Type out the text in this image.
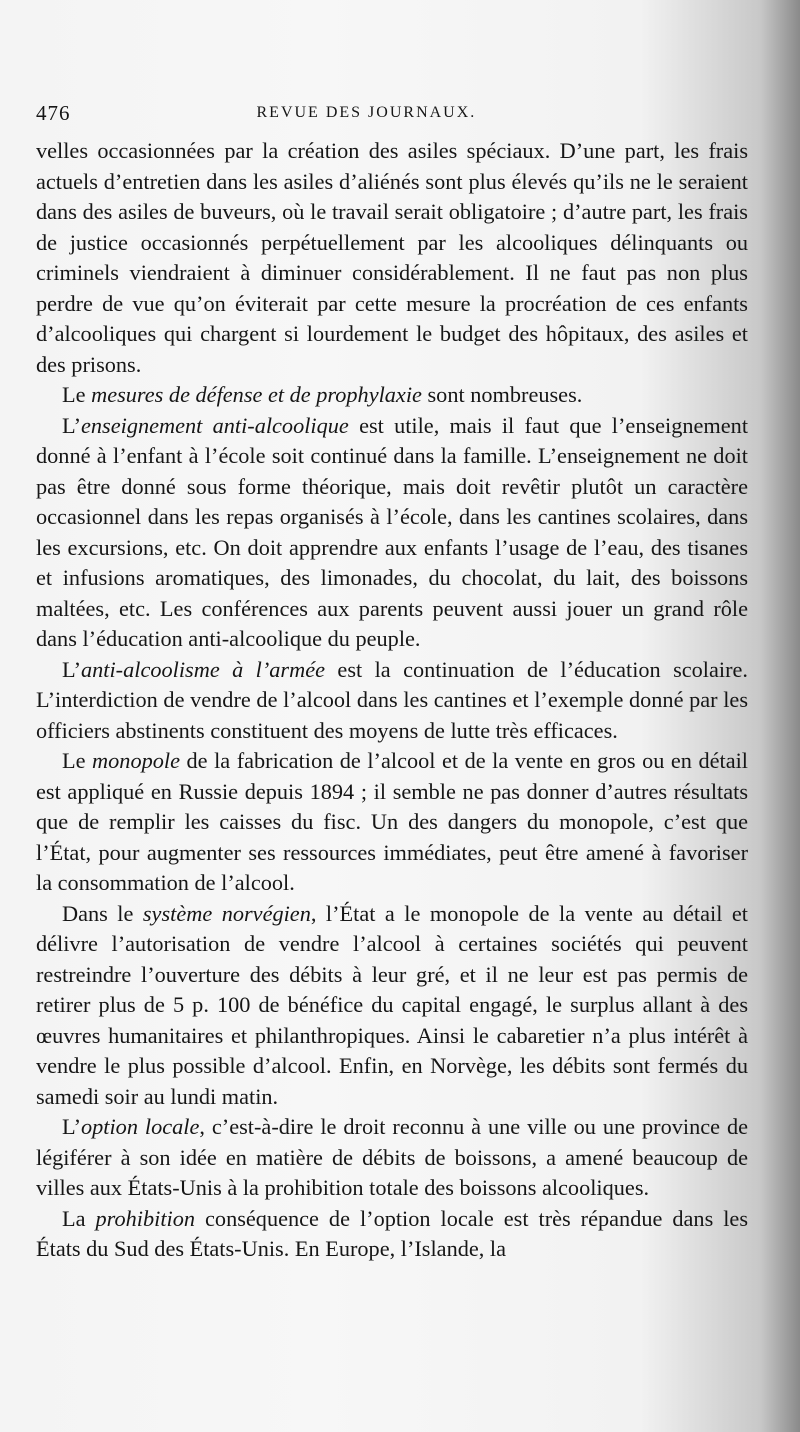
476	REVUE DES JOURNAUX.

velles occasionnées par la création des asiles spéciaux. D’une part, les frais actuels d’entretien dans les asiles d’aliénés sont plus élevés qu’ils ne le seraient dans des asiles de buveurs, où le travail serait obligatoire ; d’autre part, les frais de justice occasionnés perpétuellement par les alcooliques délinquants ou criminels viendraient à diminuer considérablement. Il ne faut pas non plus perdre de vue qu’on éviterait par cette mesure la procréation de ces enfants d’alcooliques qui chargent si lourdement le budget des hôpitaux, des asiles et des prisons.

Le mesures de défense et de prophylaxie sont nombreuses.

L’enseignement anti-alcoolique est utile, mais il faut que l’enseignement donné à l’enfant à l’école soit continué dans la famille. L’enseignement ne doit pas être donné sous forme théorique, mais doit revêtir plutôt un caractère occasionnel dans les repas organisés à l’école, dans les cantines scolaires, dans les excursions, etc. On doit apprendre aux enfants l’usage de l’eau, des tisanes et infusions aromatiques, des limonades, du chocolat, du lait, des boissons maltées, etc. Les conférences aux parents peuvent aussi jouer un grand rôle dans l’éducation anti-alcoolique du peuple.

L’anti-alcoolisme à l’armée est la continuation de l’éducation scolaire. L’interdiction de vendre de l’alcool dans les cantines et l’exemple donné par les officiers abstinents constituent des moyens de lutte très efficaces.

Le monopole de la fabrication de l’alcool et de la vente en gros ou en détail est appliqué en Russie depuis 1894 ; il semble ne pas donner d’autres résultats que de remplir les caisses du fisc. Un des dangers du monopole, c’est que l’État, pour augmenter ses ressources immédiates, peut être amené à favoriser la consommation de l’alcool.

Dans le système norvégien, l’État a le monopole de la vente au détail et délivre l’autorisation de vendre l’alcool à certaines sociétés qui peuvent restreindre l’ouverture des débits à leur gré, et il ne leur est pas permis de retirer plus de 5 p. 100 de bénéfice du capital engagé, le surplus allant à des œuvres humanitaires et philanthropiques. Ainsi le cabaretier n’a plus intérêt à vendre le plus possible d’alcool. Enfin, en Norvège, les débits sont fermés du samedi soir au lundi matin.

L’option locale, c’est-à-dire le droit reconnu à une ville ou une province de légiférer à son idée en matière de débits de boissons, a amené beaucoup de villes aux États-Unis à la prohibition totale des boissons alcooliques.

La prohibition conséquence de l’option locale est très répandue dans les États du Sud des États-Unis. En Europe, l’Islande, la
